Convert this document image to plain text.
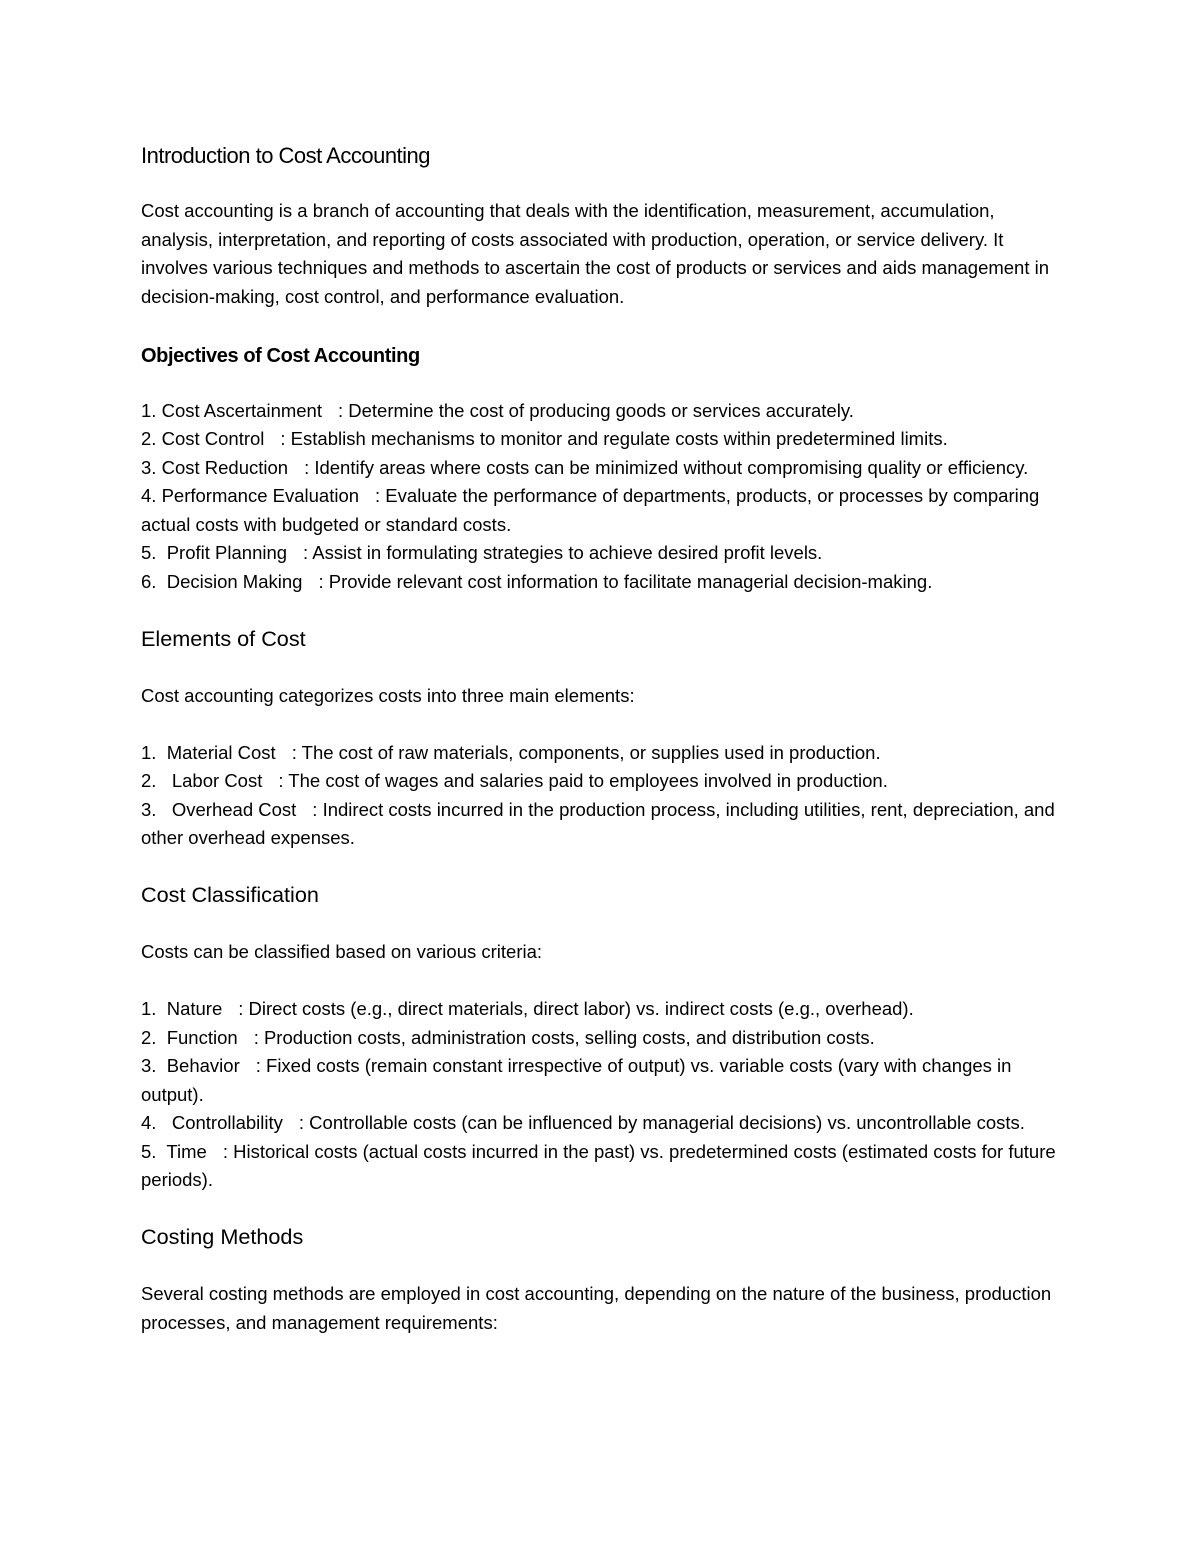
Introduction to Cost Accounting

Cost accounting is a branch of accounting that deals with the identification, measurement, accumulation, analysis, interpretation, and reporting of costs associated with production, operation, or service delivery. It involves various techniques and methods to ascertain the cost of products or services and aids management in decision-making, cost control, and performance evaluation.

Objectives of Cost Accounting
1. Cost Ascertainment : Determine the cost of producing goods or services accurately.
2. Cost Control : Establish mechanisms to monitor and regulate costs within predetermined limits.
3. Cost Reduction : Identify areas where costs can be minimized without compromising quality or efficiency.
4. Performance Evaluation : Evaluate the performance of departments, products, or processes by comparing actual costs with budgeted or standard costs.
5. Profit Planning : Assist in formulating strategies to achieve desired profit levels.
6. Decision Making : Provide relevant cost information to facilitate managerial decision-making.
Elements of Cost

Cost accounting categorizes costs into three main elements:

1. Material Cost : The cost of raw materials, components, or supplies used in production.
2. Labor Cost : The cost of wages and salaries paid to employees involved in production.
3. Overhead Cost : Indirect costs incurred in the production process, including utilities, rent, depreciation, and other overhead expenses.
Cost Classification

Costs can be classified based on various criteria:

1. Nature : Direct costs (e.g., direct materials, direct labor) vs. indirect costs (e.g., overhead).
2. Function : Production costs, administration costs, selling costs, and distribution costs.
3. Behavior : Fixed costs (remain constant irrespective of output) vs. variable costs (vary with changes in output).
4. Controllability : Controllable costs (can be influenced by managerial decisions) vs. uncontrollable costs.
5. Time : Historical costs (actual costs incurred in the past) vs. predetermined costs (estimated costs for future periods).
Costing Methods

Several costing methods are employed in cost accounting, depending on the nature of the business, production processes, and management requirements:
